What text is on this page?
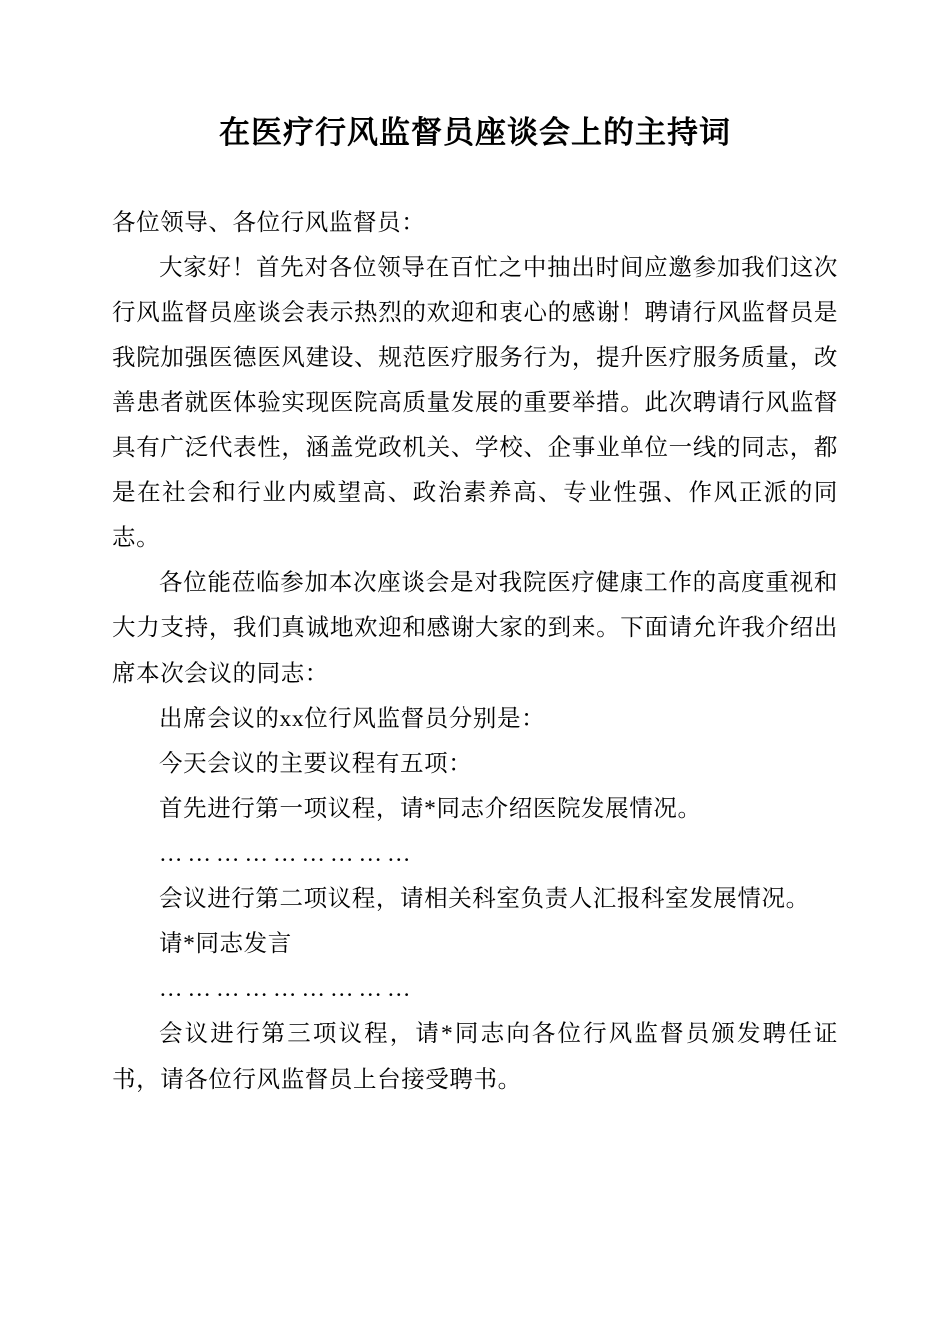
在医疗行风监督员座谈会上的主持词

各位领导、各位行风监督员：

大家好！首先对各位领导在百忙之中抽出时间应邀参加我们这次行风监督员座谈会表示热烈的欢迎和衷心的感谢！聘请行风监督员是我院加强医德医风建设、规范医疗服务行为，提升医疗服务质量，改善患者就医体验实现医院高质量发展的重要举措。此次聘请行风监督具有广泛代表性，涵盖党政机关、学校、企事业单位一线的同志，都是在社会和行业内威望高、政治素养高、专业性强、作风正派的同志。

各位能莅临参加本次座谈会是对我院医疗健康工作的高度重视和大力支持，我们真诚地欢迎和感谢大家的到来。下面请允许我介绍出席本次会议的同志：

出席会议的xx位行风监督员分别是：

今天会议的主要议程有五项：

首先进行第一项议程，请*同志介绍医院发展情况。

………………………

会议进行第二项议程，请相关科室负责人汇报科室发展情况。

请*同志发言

………………………

会议进行第三项议程，请*同志向各位行风监督员颁发聘任证书，请各位行风监督员上台接受聘书。
